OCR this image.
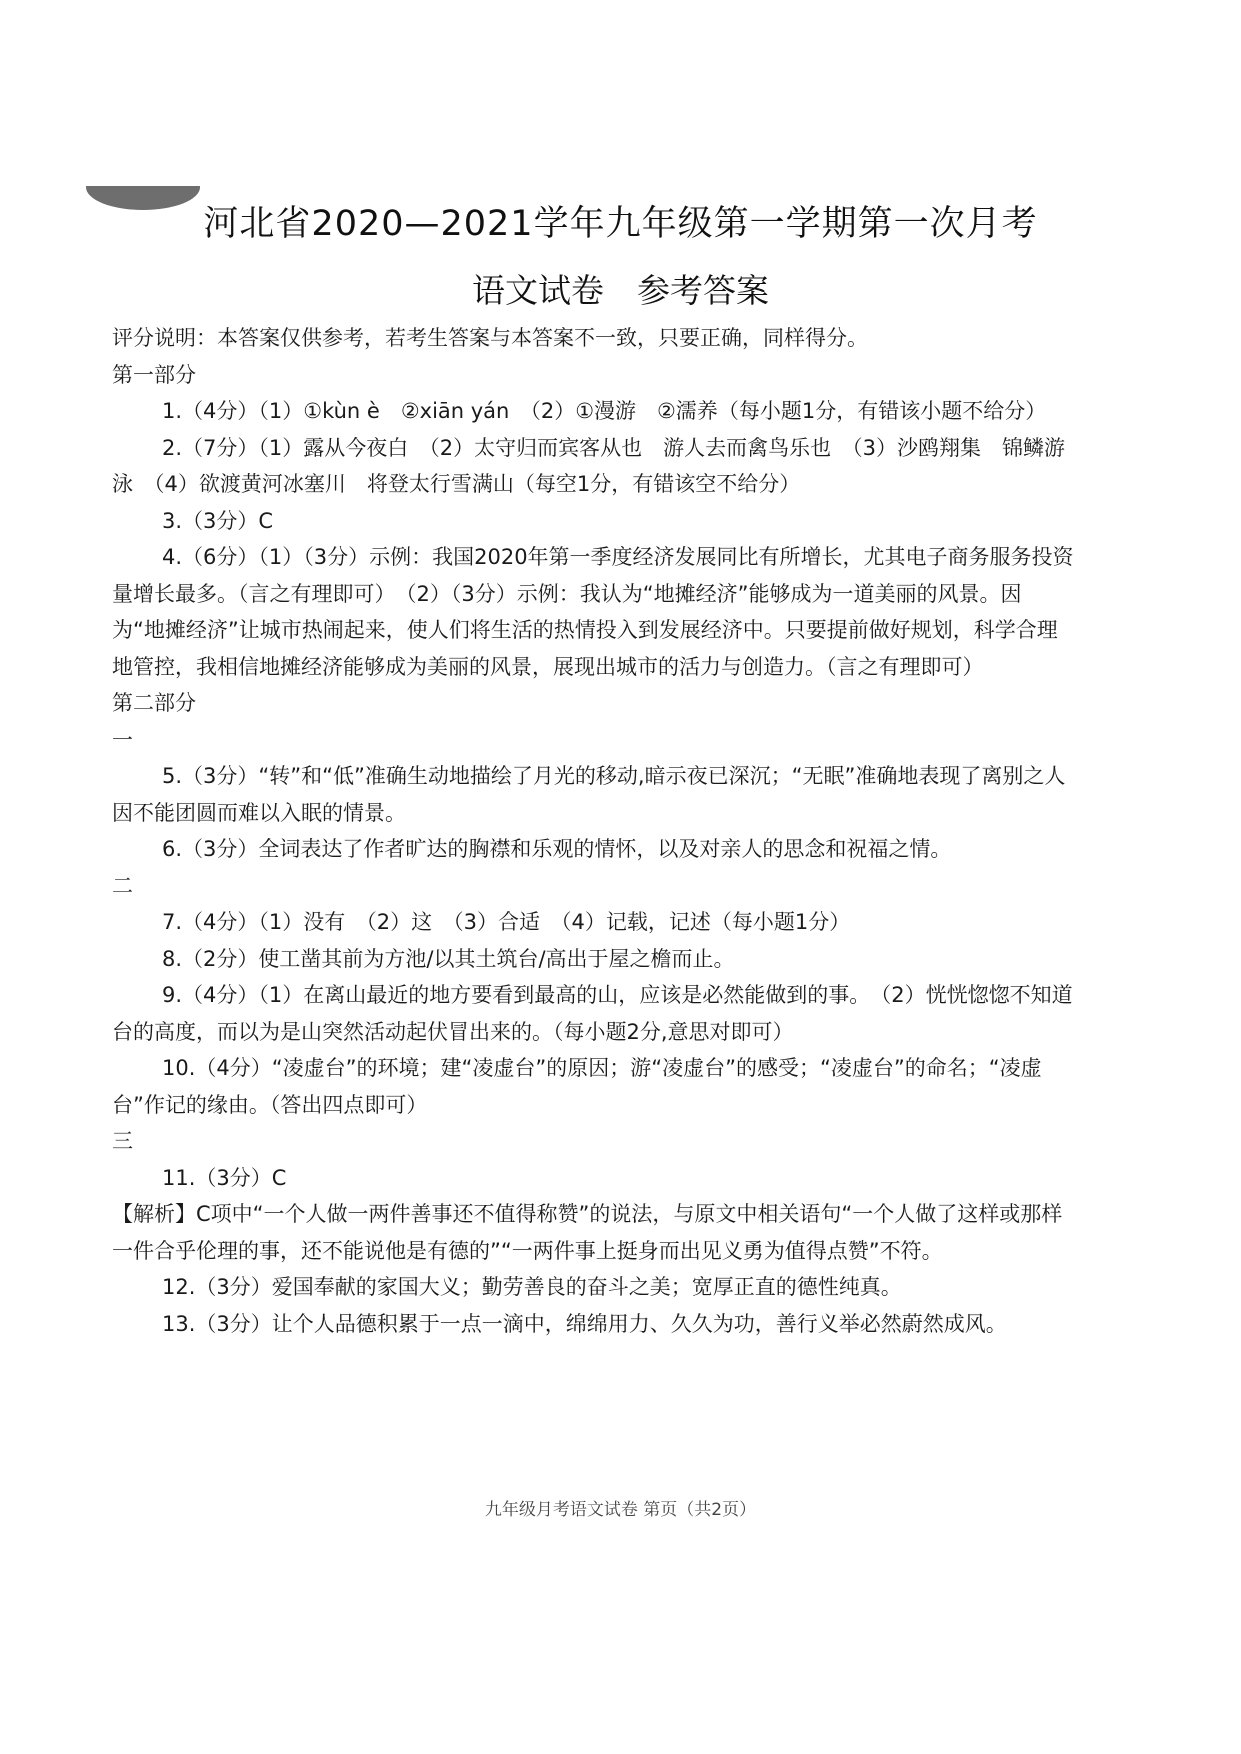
河北省2020—2021学年九年级第一学期第一次月考
语文试卷　参考答案

评分说明：本答案仅供参考，若考生答案与本答案不一致，只要正确，同样得分。

第一部分

1.（4分）（1）①kùn è　②xiān yán　（2）①漫游　②濡养（每小题1分，有错该小题不给分）

2.（7分）（1）露从今夜白　（2）太守归而宾客从也　游人去而禽鸟乐也　（3）沙鸥翔集　锦鳞游泳　（4）欲渡黄河冰塞川　将登太行雪满山（每空1分，有错该空不给分）

3.（3分）C

4.（6分）（1）（3分）示例：我国2020年第一季度经济发展同比有所增长，尤其电子商务服务投资量增长最多。（言之有理即可）　（2）（3分）示例：我认为“地摊经济”能够成为一道美丽的风景。因为“地摊经济”让城市热闹起来，使人们将生活的热情投入到发展经济中。只要提前做好规划，科学合理地管控，我相信地摊经济能够成为美丽的风景，展现出城市的活力与创造力。（言之有理即可）

第二部分

一

5.（3分）“转”和“低”准确生动地描绘了月光的移动,暗示夜已深沉；“无眠”准确地表现了离别之人因不能团圆而难以入眠的情景。

6.（3分）全词表达了作者旷达的胸襟和乐观的情怀，以及对亲人的思念和祝福之情。

二

7.（4分）（1）没有　（2）这　（3）合适　（4）记载，记述（每小题1分）

8.（2分）使工凿其前为方池/以其土筑台/高出于屋之檐而止。

9.（4分）（1）在离山最近的地方要看到最高的山，应该是必然能做到的事。　（2）恍恍惚惚不知道台的高度，而以为是山突然活动起伏冒出来的。（每小题2分,意思对即可）

10.（4分）“凌虚台”的环境；建“凌虚台”的原因；游“凌虚台”的感受；“凌虚台”的命名；“凌虚台”作记的缘由。（答出四点即可）

三

11.（3分）C

【解析】C项中“一个人做一两件善事还不值得称赞”的说法，与原文中相关语句“一个人做了这样或那样一件合乎伦理的事，还不能说他是有德的”“一两件事上挺身而出见义勇为值得点赞”不符。

12.（3分）爱国奉献的家国大义；勤劳善良的奋斗之美；宽厚正直的德性纯真。

13.（3分）让个人品德积累于一点一滴中，绵绵用力、久久为功，善行义举必然蔚然成风。

九年级月考语文试卷 第页（共2页）
